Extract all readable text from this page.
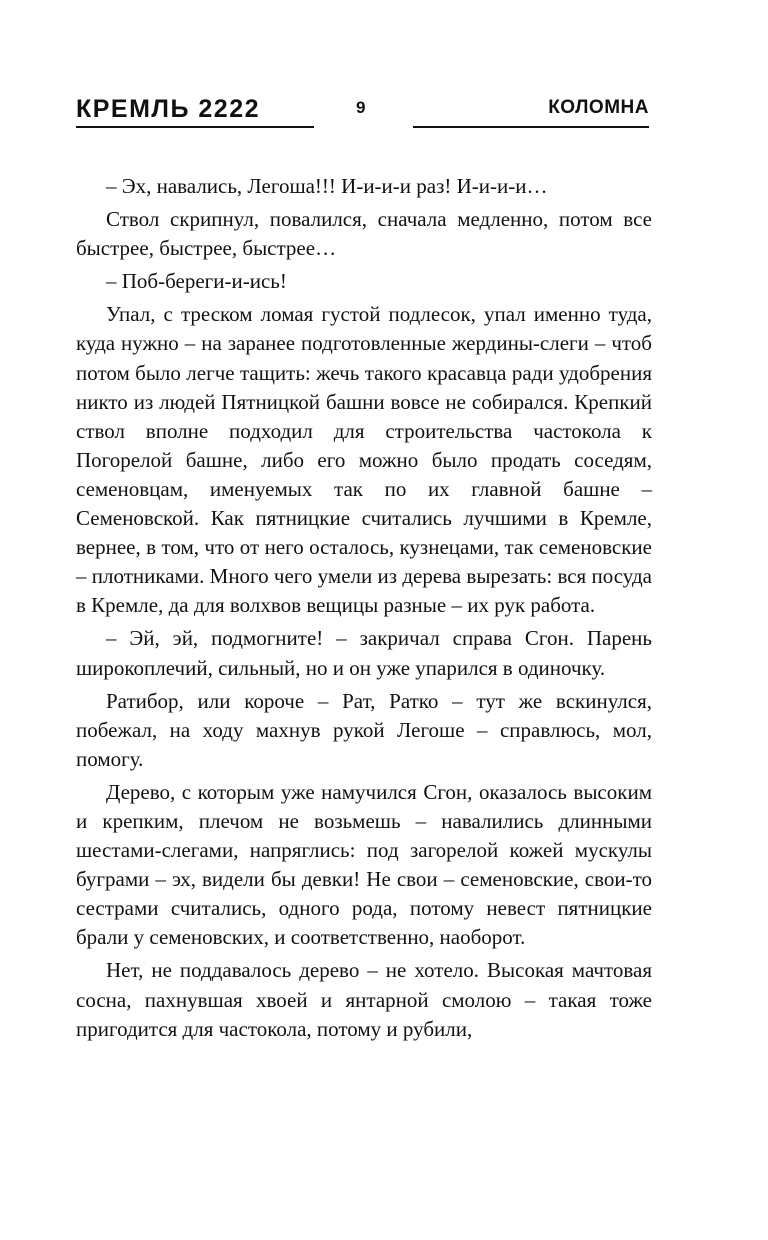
КРЕМЛЬ 2222	9	КОЛОМНА

– Эх, навались, Легоша!!! И-и-и-и раз! И-и-и-и…

Ствол скрипнул, повалился, сначала медленно, потом все быстрее, быстрее, быстрее…

– Поб-береги-и-ись!

Упал, с треском ломая густой подлесок, упал именно туда, куда нужно – на заранее подготовленные жердины-слеги – чтоб потом было легче тащить: жечь такого красавца ради удобрения никто из людей Пятницкой башни вовсе не собирался. Крепкий ствол вполне подходил для строительства частокола к Погорелой башне, либо его можно было продать соседям, семеновцам, именуемых так по их главной башне – Семеновской. Как пятницкие считались лучшими в Кремле, вернее, в том, что от него осталось, кузнецами, так семеновские – плотниками. Много чего умели из дерева вырезать: вся посуда в Кремле, да для волхвов вещицы разные – их рук работа.

– Эй, эй, подмогните! – закричал справа Сгон. Парень широкоплечий, сильный, но и он уже упарился в одиночку.

Ратибор, или короче – Рат, Ратко – тут же вскинулся, побежал, на ходу махнув рукой Легоше – справлюсь, мол, помогу.

Дерево, с которым уже намучился Сгон, оказалось высоким и крепким, плечом не возьмешь – навалились длинными шестами-слегами, напряглись: под загорелой кожей мускулы буграми – эх, видели бы девки! Не свои – семеновские, свои-то сестрами считались, одного рода, потому невест пятницкие брали у семеновских, и соответственно, наоборот.

Нет, не поддавалось дерево – не хотело. Высокая мачтовая сосна, пахнувшая хвоей и янтарной смолою – такая тоже пригодится для частокола, потому и рубили,
